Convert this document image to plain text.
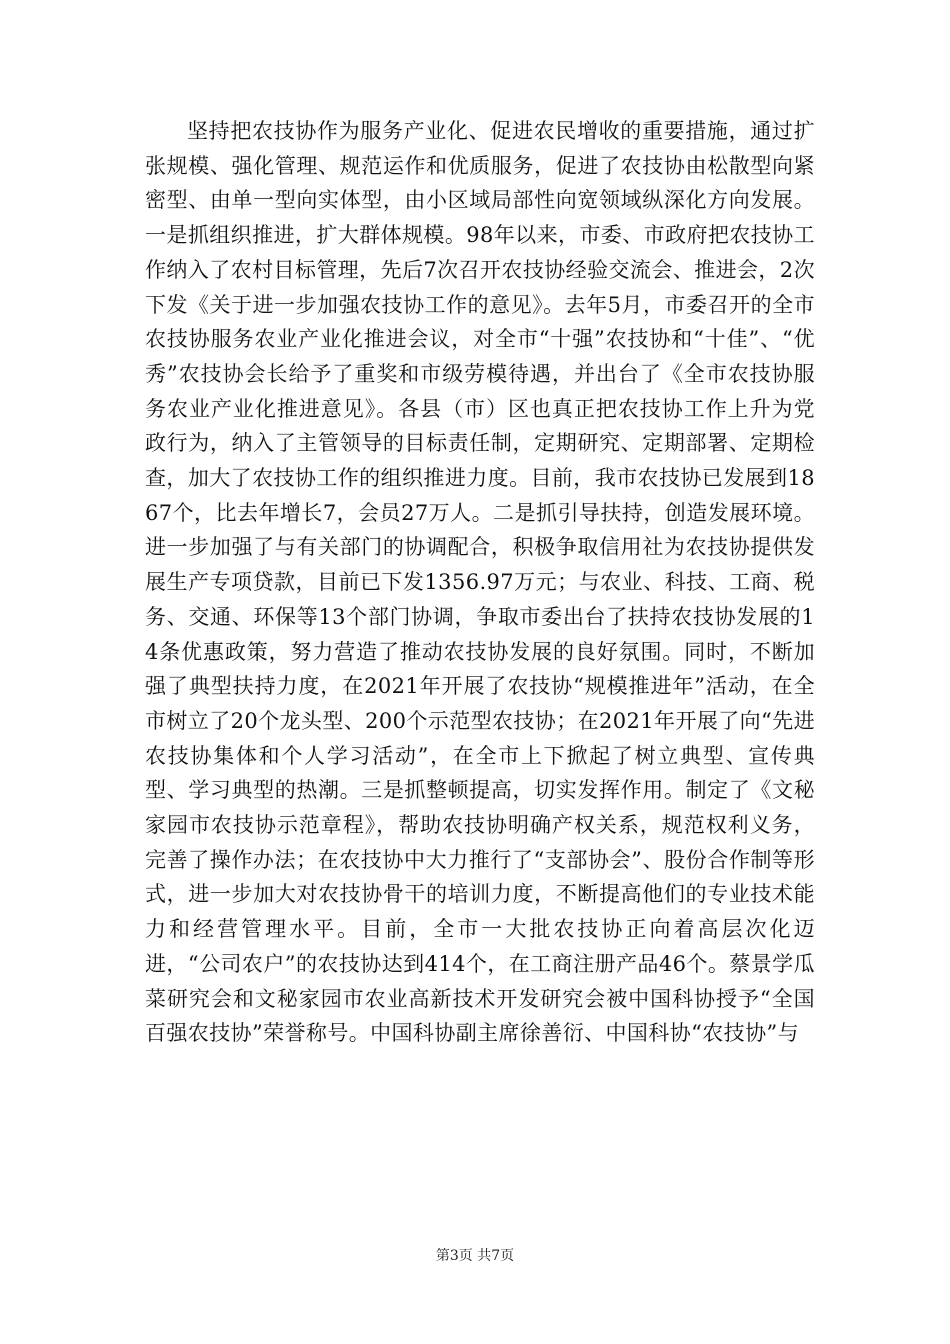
坚持把农技协作为服务产业化、促进农民增收的重要措施，通过扩张规模、强化管理、规范运作和优质服务，促进了农技协由松散型向紧密型、由单一型向实体型，由小区域局部性向宽领域纵深化方向发展。一是抓组织推进，扩大群体规模。98年以来，市委、市政府把农技协工作纳入了农村目标管理，先后7次召开农技协经验交流会、推进会，2次下发《关于进一步加强农技协工作的意见》。去年5月，市委召开的全市农技协服务农业产业化推进会议，对全市“十强”农技协和“十佳”、“优秀”农技协会长给予了重奖和市级劳模待遇，并出台了《全市农技协服务农业产业化推进意见》。各县（市）区也真正把农技协工作上升为党政行为，纳入了主管领导的目标责任制，定期研究、定期部署、定期检查，加大了农技协工作的组织推进力度。目前，我市农技协已发展到1867个，比去年增长7，会员27万人。二是抓引导扶持，创造发展环境。进一步加强了与有关部门的协调配合，积极争取信用社为农技协提供发展生产专项贷款，目前已下发1356.97万元；与农业、科技、工商、税务、交通、环保等13个部门协调，争取市委出台了扶持农技协发展的14条优惠政策，努力营造了推动农技协发展的良好氛围。同时，不断加强了典型扶持力度，在2021年开展了农技协“规模推进年”活动，在全市树立了20个龙头型、200个示范型农技协；在2021年开展了向“先进农技协集体和个人学习活动”，在全市上下掀起了树立典型、宣传典型、学习典型的热潮。三是抓整顿提高，切实发挥作用。制定了《文秘家园市农技协示范章程》，帮助农技协明确产权关系，规范权利义务，完善了操作办法；在农技协中大力推行了“支部协会”、股份合作制等形式，进一步加大对农技协骨干的培训力度，不断提高他们的专业技术能力和经营管理水平。目前，全市一大批农技协正向着高层次化迈进，“公司农户”的农技协达到414个，在工商注册产品46个。蔡景学瓜菜研究会和文秘家园市农业高新技术开发研究会被中国科协授予“全国百强农技协”荣誉称号。中国科协副主席徐善衍、中国科协“农技协”与

第3页 共7页
